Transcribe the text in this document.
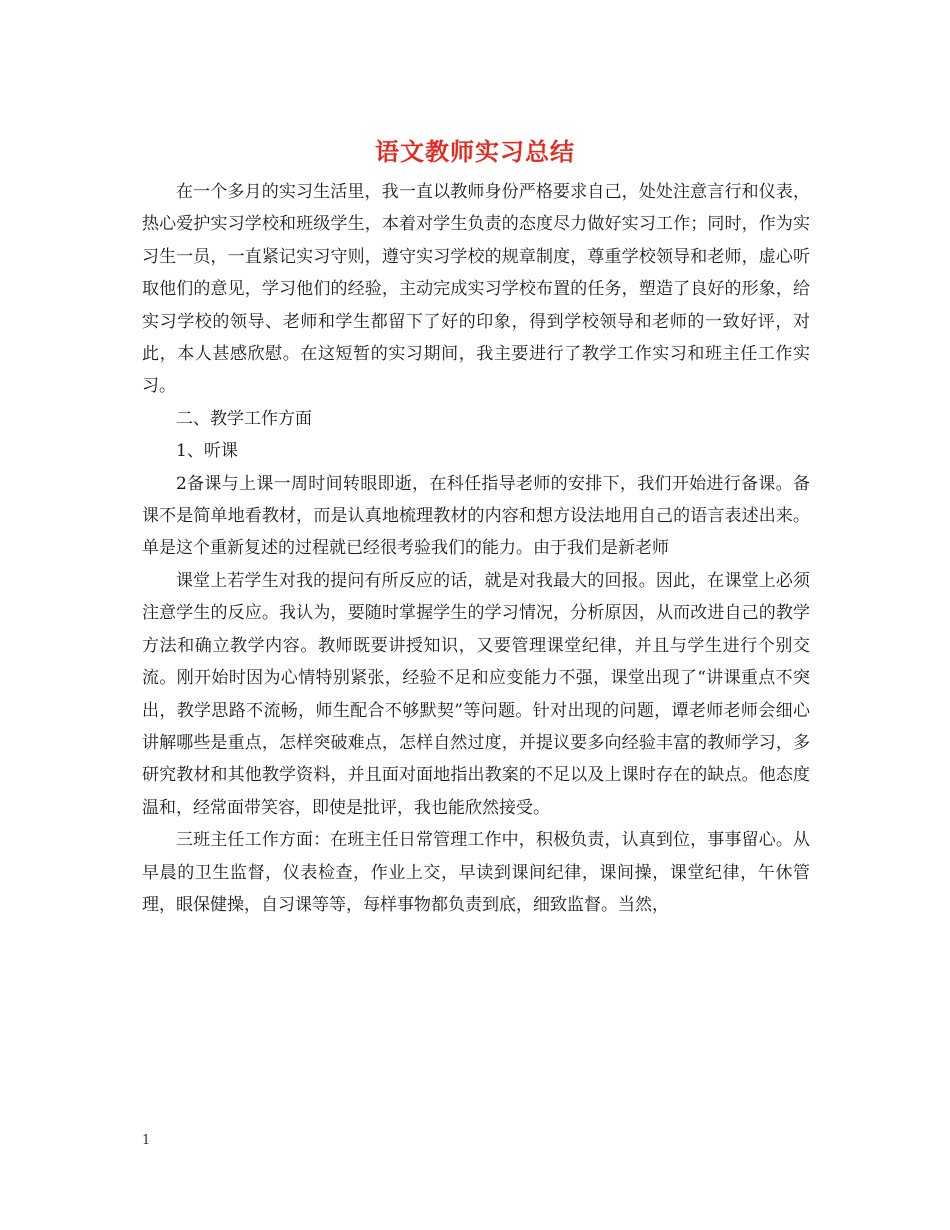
语文教师实习总结

在一个多月的实习生活里，我一直以教师身份严格要求自己，处处注意言行和仪表，热心爱护实习学校和班级学生，本着对学生负责的态度尽力做好实习工作；同时，作为实习生一员，一直紧记实习守则，遵守实习学校的规章制度，尊重学校领导和老师，虚心听取他们的意见，学习他们的经验，主动完成实习学校布置的任务，塑造了良好的形象，给实习学校的领导、老师和学生都留下了好的印象，得到学校领导和老师的一致好评，对此，本人甚感欣慰。在这短暂的实习期间，我主要进行了教学工作实习和班主任工作实习。

二、教学工作方面

1、听课

2备课与上课一周时间转眼即逝，在科任指导老师的安排下，我们开始进行备课。备课不是简单地看教材，而是认真地梳理教材的内容和想方设法地用自己的语言表述出来。单是这个重新复述的过程就已经很考验我们的能力。由于我们是新老师

课堂上若学生对我的提问有所反应的话，就是对我最大的回报。因此，在课堂上必须注意学生的反应。我认为，要随时掌握学生的学习情况，分析原因，从而改进自己的教学方法和确立教学内容。教师既要讲授知识，又要管理课堂纪律，并且与学生进行个别交流。刚开始时因为心情特别紧张，经验不足和应变能力不强，课堂出现了“讲课重点不突出，教学思路不流畅，师生配合不够默契”等问题。针对出现的问题，谭老师老师会细心讲解哪些是重点，怎样突破难点，怎样自然过度，并提议要多向经验丰富的教师学习，多研究教材和其他教学资料，并且面对面地指出教案的不足以及上课时存在的缺点。他态度温和，经常面带笑容，即使是批评，我也能欣然接受。

三班主任工作方面：在班主任日常管理工作中，积极负责，认真到位，事事留心。从早晨的卫生监督，仪表检查，作业上交，早读到课间纪律，课间操，课堂纪律，午休管理，眼保健操，自习课等等，每样事物都负责到底，细致监督。当然，

1
